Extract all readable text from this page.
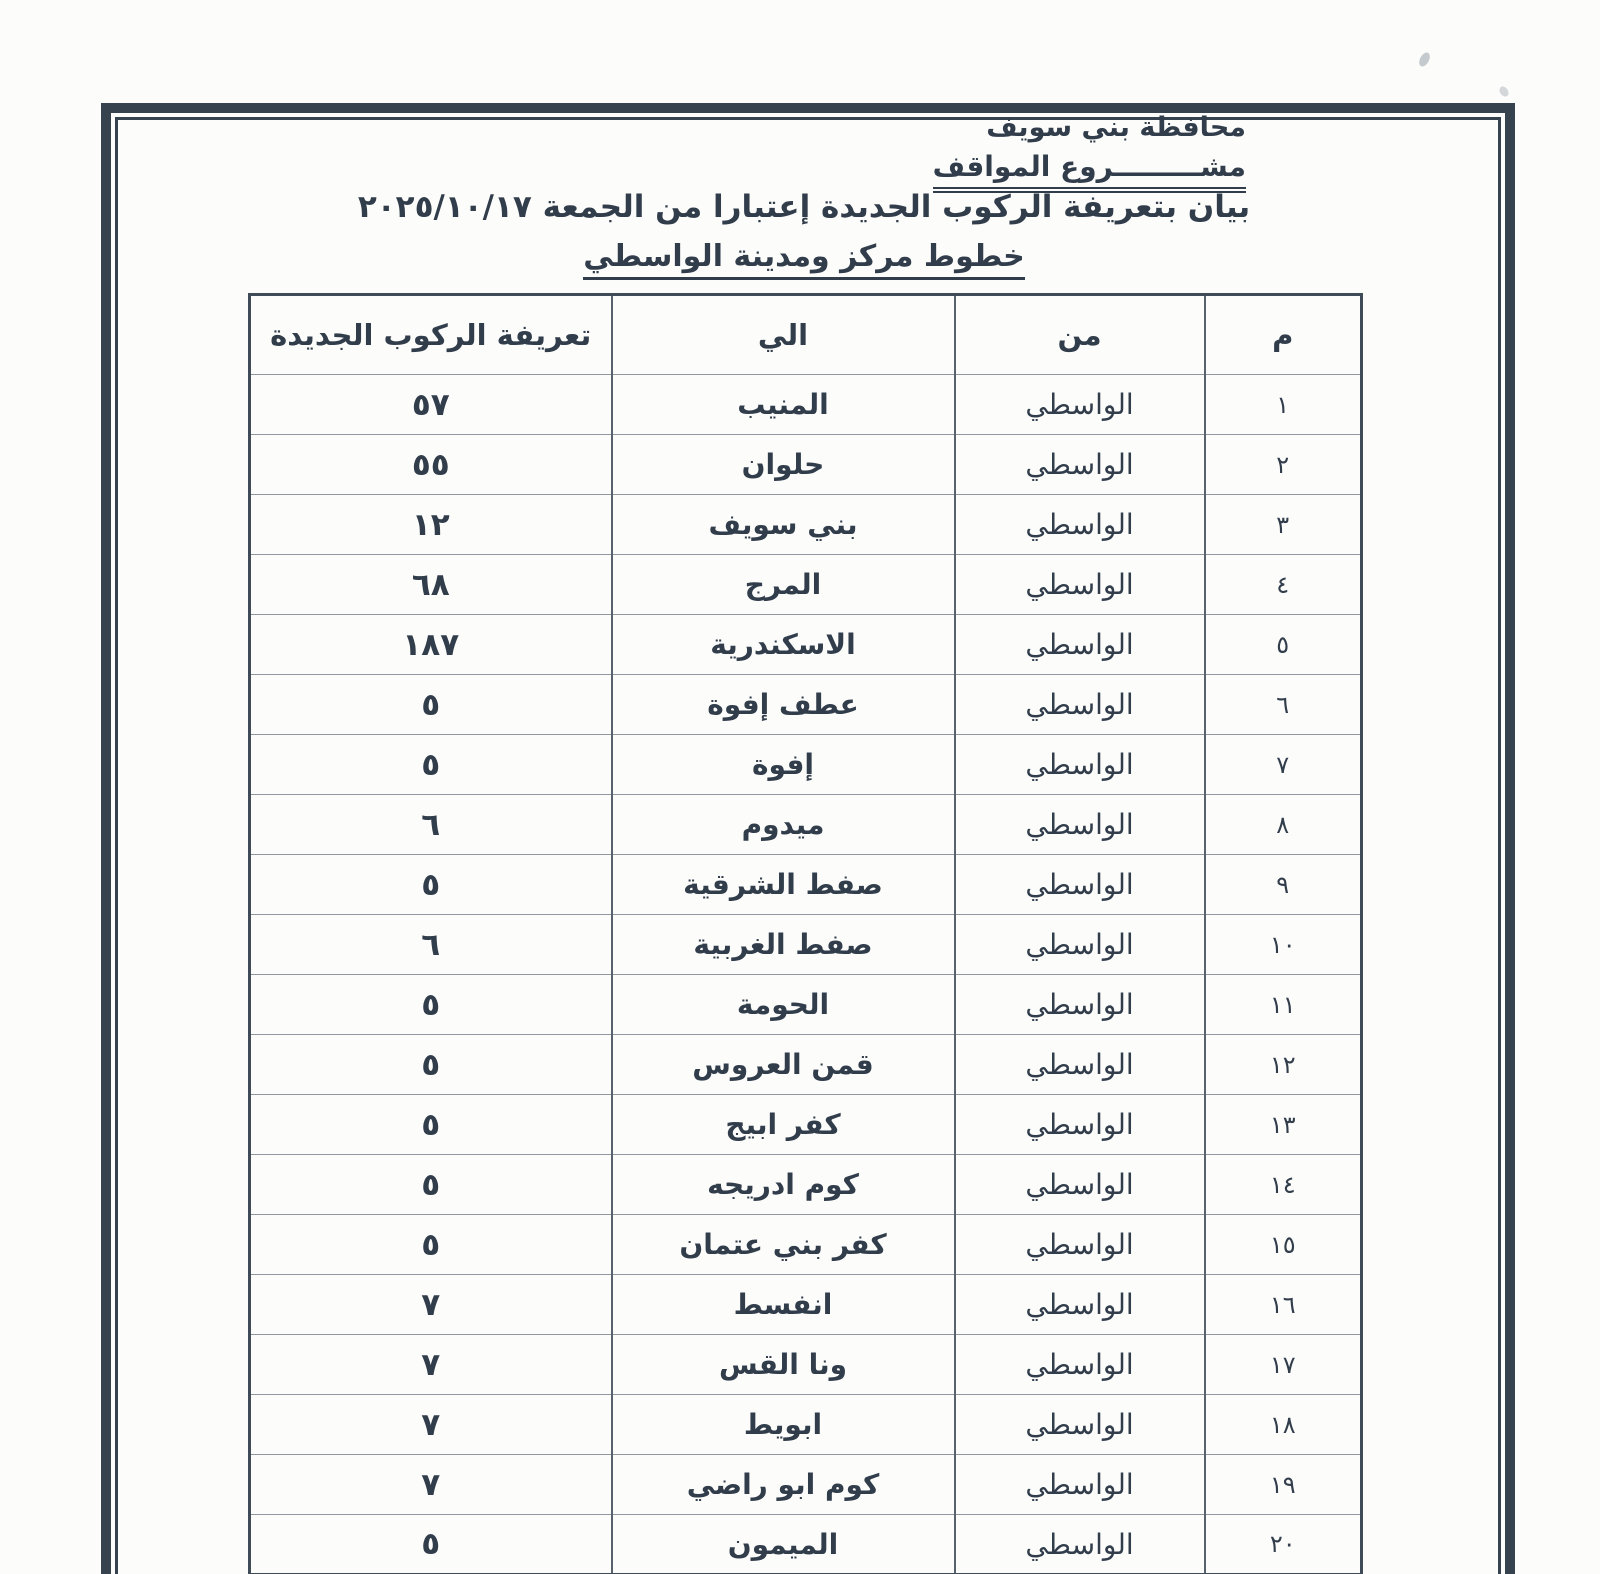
محافظة بني سويف
مشـــــــــروع المواقف
بيان بتعريفة الركوب الجديدة إعتبارا من الجمعة ٢٠٢٥/١٠/١٧
خطوط مركز ومدينة الواسطي
م	من	الي	تعريفة الركوب الجديدة
١	الواسطي	المنيب	٥٧
٢	الواسطي	حلوان	٥٥
٣	الواسطي	بني سويف	١٢
٤	الواسطي	المرج	٦٨
٥	الواسطي	الاسكندرية	١٨٧
٦	الواسطي	عطف إفوة	٥
٧	الواسطي	إفوة	٥
٨	الواسطي	ميدوم	٦
٩	الواسطي	صفط الشرقية	٥
١٠	الواسطي	صفط الغربية	٦
١١	الواسطي	الحومة	٥
١٢	الواسطي	قمن العروس	٥
١٣	الواسطي	كفر ابيج	٥
١٤	الواسطي	كوم ادريجه	٥
١٥	الواسطي	كفر بني عتمان	٥
١٦	الواسطي	انفسط	٧
١٧	الواسطي	ونا القس	٧
١٨	الواسطي	ابويط	٧
١٩	الواسطي	كوم ابو راضي	٧
٢٠	الواسطي	الميمون	٥
